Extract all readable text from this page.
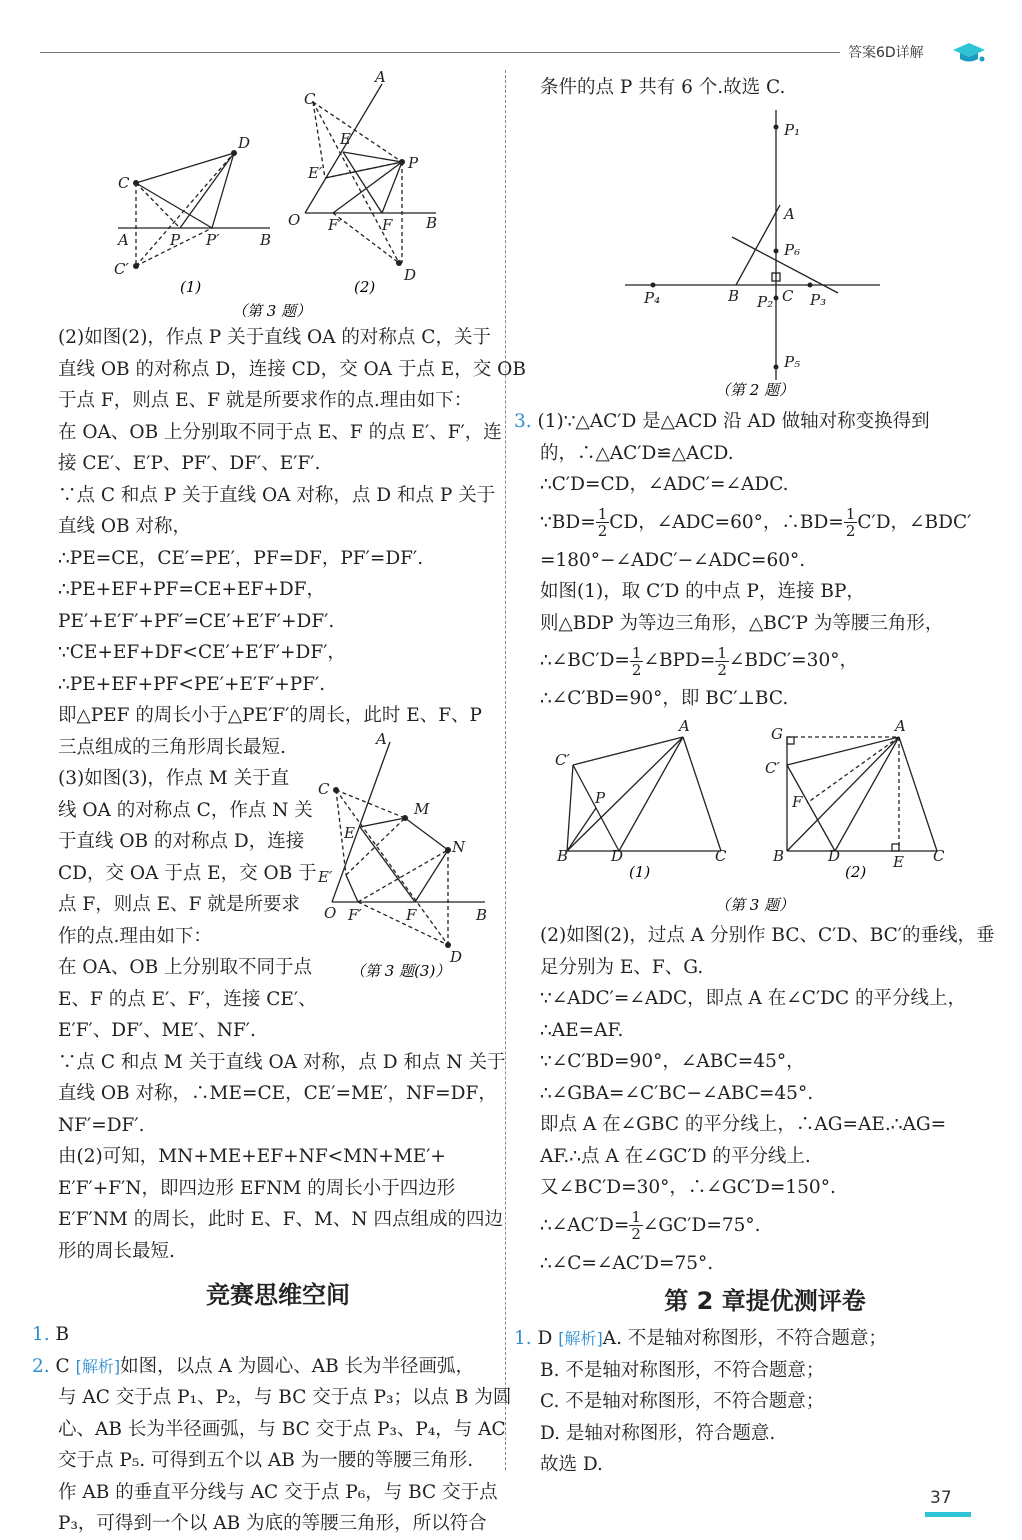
答案6D详解
D
C
C′
A	P P′	B
A
C
E
E′
P
O F′	F B
D
(1)	(2)
（第 3 题）

(2)如图(2)，作点 P 关于直线 OA 的对称点 C，关于

直线 OB 的对称点 D，连接 CD，交 OA 于点 E，交 OB

于点 F，则点 E、F 就是所要求作的点.理由如下：

在 OA、OB 上分别取不同于点 E、F 的点 E′、F′，连

接 CE′、E′P、PF′、DF′、E′F′.

∵点 C 和点 P 关于直线 OA 对称，点 D 和点 P 关于

直线 OB 对称，

∴PE=CE，CE′=PE′，PF=DF，PF′=DF′.

∴PE+EF+PF=CE+EF+DF，

PE′+E′F′+PF′=CE′+E′F′+DF′.

∵CE+EF+DF<CE′+E′F′+DF′，

∴PE+EF+PF<PE′+E′F′+PF′.

即△PEF 的周长小于△PE′F′的周长，此时 E、F、P

三点组成的三角形周长最短.

(3)如图(3)，作点 M 关于直

线 OA 的对称点 C，作点 N 关

于直线 OB 的对称点 D，连接

CD，交 OA 于点 E，交 OB 于

点 F，则点 E、F 就是所要求

作的点.理由如下：

在 OA、OB 上分别取不同于点

E、F 的点 E′、F′，连接 CE′、

E′F′、DF′、ME′、NF′.

∵点 C 和点 M 关于直线 OA 对称，点 D 和点 N 关于

直线 OB 对称，∴ME=CE，CE′=ME′，NF=DF，

NF′=DF′.

由(2)可知，MN+ME+EF+NF<MN+ME′+

E′F′+F′N，即四边形 EFNM 的周长小于四边形

E′F′NM 的周长，此时 E、F、M、N 四点组成的四边

形的周长最短.

竞赛思维空间

1. B

2. C [解析]如图，以点 A 为圆心、AB 长为半径画弧，

与 AC 交于点 P₁、P₂，与 BC 交于点 P₃；以点 B 为圆

心、AB 长为半径画弧，与 BC 交于点 P₃、P₄，与 AC

交于点 P₅. 可得到五个以 AB 为一腰的等腰三角形.

作 AB 的垂直平分线与 AC 交于点 P₆，与 BC 交于点

P₃，可得到一个以 AB 为底的等腰三角形，所以符合

A
C
M
E
N
E′
O F′	F	B
D
（第 3 题(3)）

条件的点 P 共有 6 个.故选 C.

P₁
A
P₆
P₄	B P₂ C P₃
P₅
（第 2 题）

3. (1)∵△AC′D 是△ACD 沿 AD 做轴对称变换得到

的，∴△AC′D≌△ACD.

∴C′D=CD，∠ADC′=∠ADC.

∵BD= $\frac{1}{2}$ CD，∠ADC=60°，∴BD= $\frac{1}{2} C'D$，∠BDC′

=180°−∠ADC′−∠ADC=60°.

如图(1)，取 C′D 的中点 P，连接 BP，

则△BDP 为等边三角形，△BC′P 为等腰三角形，

∴∠BC′D= $\frac{1}{2}$ ∠BPD= $\frac{1}{2}$ ∠BDC′=30°，

∴∠C′BD=90°，即 BC′⊥BC.

A
C′
P
B	D	C
G	A
C′
F
B	D	E C
(1)	(2)
（第 3 题）

(2)如图(2)，过点 A 分别作 BC、C′D、BC′的垂线，垂

足分别为 E、F、G.

∵∠ADC′=∠ADC，即点 A 在∠C′DC 的平分线上，

∴AE=AF.

∵∠C′BD=90°，∠ABC=45°，

∴∠GBA=∠C′BC−∠ABC=45°.

即点 A 在∠GBC 的平分线上，∴AG=AE.∴AG=

AF.∴点 A 在∠GC′D 的平分线上.

又∠BC′D=30°，∴∠GC′D=150°.

∴∠AC′D= $\frac{1}{2}$ ∠GC′D=75°.

∴∠C=∠AC′D=75°.

第 2 章提优测评卷

1. D [解析]A. 不是轴对称图形，不符合题意；

B. 不是轴对称图形，不符合题意；

C. 不是轴对称图形，不符合题意；

D. 是轴对称图形，符合题意.

故选 D.

37
